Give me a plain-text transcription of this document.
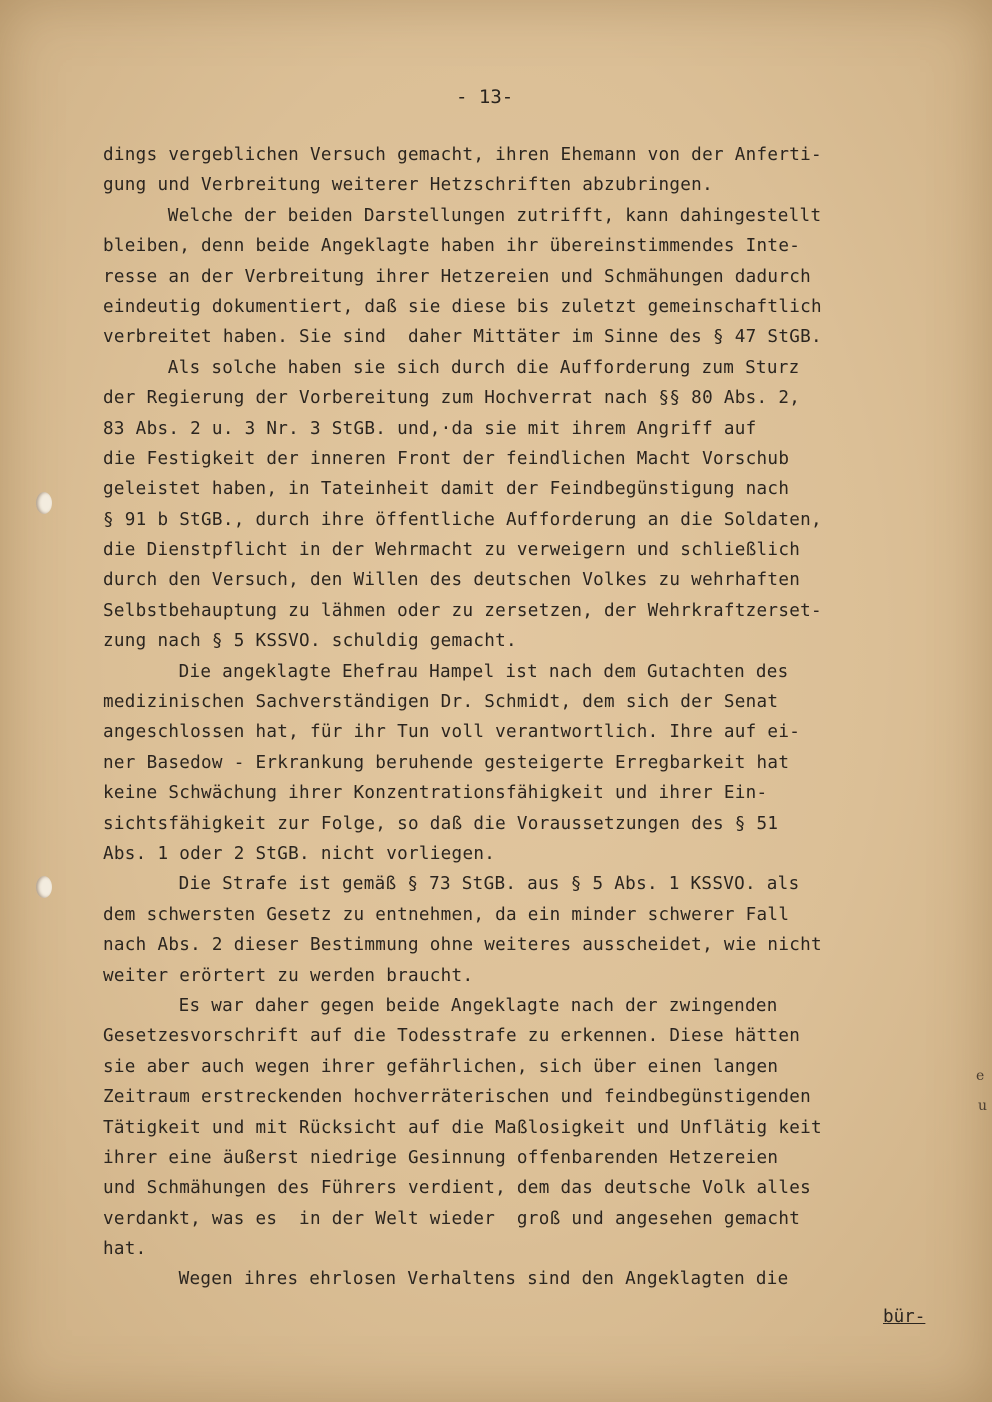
- 13-
dings vergeblichen Versuch gemacht, ihren Ehemann von der Anferti-
gung und Verbreitung weiterer Hetzschriften abzubringen.
Welche der beiden Darstellungen zutrifft, kann dahingestellt
bleiben, denn beide Angeklagte haben ihr übereinstimmendes Inte-
resse an der Verbreitung ihrer Hetzereien und Schmähungen dadurch
eindeutig dokumentiert, daß sie diese bis zuletzt gemeinschaftlich
verbreitet haben. Sie sind  daher Mittäter im Sinne des § 47 StGB.
Als solche haben sie sich durch die Aufforderung zum Sturz
der Regierung der Vorbereitung zum Hochverrat nach §§ 80 Abs. 2,
83 Abs. 2 u. 3 Nr. 3 StGB. und,·da sie mit ihrem Angriff auf
die Festigkeit der inneren Front der feindlichen Macht Vorschub
geleistet haben, in Tateinheit damit der Feindbegünstigung nach
§ 91 b StGB., durch ihre öffentliche Aufforderung an die Soldaten,
die Dienstpflicht in der Wehrmacht zu verweigern und schließlich
durch den Versuch, den Willen des deutschen Volkes zu wehrhaften
Selbstbehauptung zu lähmen oder zu zersetzen, der Wehrkraftzerset-
zung nach § 5 KSSVO. schuldig gemacht.
Die angeklagte Ehefrau Hampel ist nach dem Gutachten des
medizinischen Sachverständigen Dr. Schmidt, dem sich der Senat
angeschlossen hat, für ihr Tun voll verantwortlich. Ihre auf ei-
ner Basedow - Erkrankung beruhende gesteigerte Erregbarkeit hat
keine Schwächung ihrer Konzentrationsfähigkeit und ihrer Ein-
sichtsfähigkeit zur Folge, so daß die Voraussetzungen des § 51
Abs. 1 oder 2 StGB. nicht vorliegen.
Die Strafe ist gemäß § 73 StGB. aus § 5 Abs. 1 KSSVO. als
dem schwersten Gesetz zu entnehmen, da ein minder schwerer Fall
nach Abs. 2 dieser Bestimmung ohne weiteres ausscheidet, wie nicht
weiter erörtert zu werden braucht.
Es war daher gegen beide Angeklagte nach der zwingenden
Gesetzesvorschrift auf die Todesstrafe zu erkennen. Diese hätten
sie aber auch wegen ihrer gefährlichen, sich über einen langen
Zeitraum erstreckenden hochverräterischen und feindbegünstigenden
Tätigkeit und mit Rücksicht auf die Maßlosigkeit und Unflätig keit
ihrer eine äußerst niedrige Gesinnung offenbarenden Hetzereien
und Schmähungen des Führers verdient, dem das deutsche Volk alles
verdankt, was es  in der Welt wieder  groß und angesehen gemacht
hat.
Wegen ihres ehrlosen Verhaltens sind den Angeklagten die
bür-
e
u
